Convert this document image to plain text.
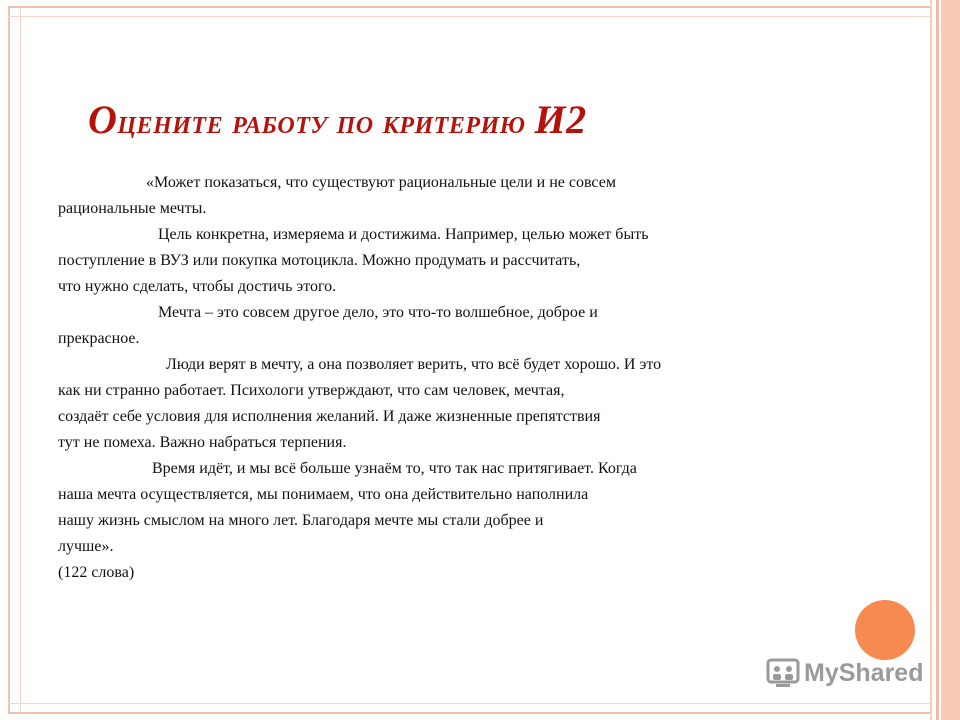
Оцените работу по критерию И2
«Может показаться, что существуют рациональные цели и не совсем
рациональные мечты.
Цель конкретна, измеряема и достижима. Например, целью может быть
поступление в ВУЗ или покупка мотоцикла. Можно продумать и рассчитать,
что нужно сделать, чтобы достичь этого.
Мечта – это совсем другое дело, это что-то волшебное, доброе и
прекрасное.
Люди верят в мечту, а она позволяет верить, что всё будет хорошо. И это
как ни странно работает. Психологи утверждают, что сам человек, мечтая,
создаёт себе условия для исполнения желаний. И даже жизненные препятствия
тут не помеха. Важно набраться терпения.
Время идёт, и мы всё больше узнаём то, что так нас притягивает. Когда
наша мечта осуществляется, мы понимаем, что она действительно наполнила
нашу жизнь смыслом на много лет. Благодаря мечте мы стали добрее и
лучше».
(122 слова)
MyShared
